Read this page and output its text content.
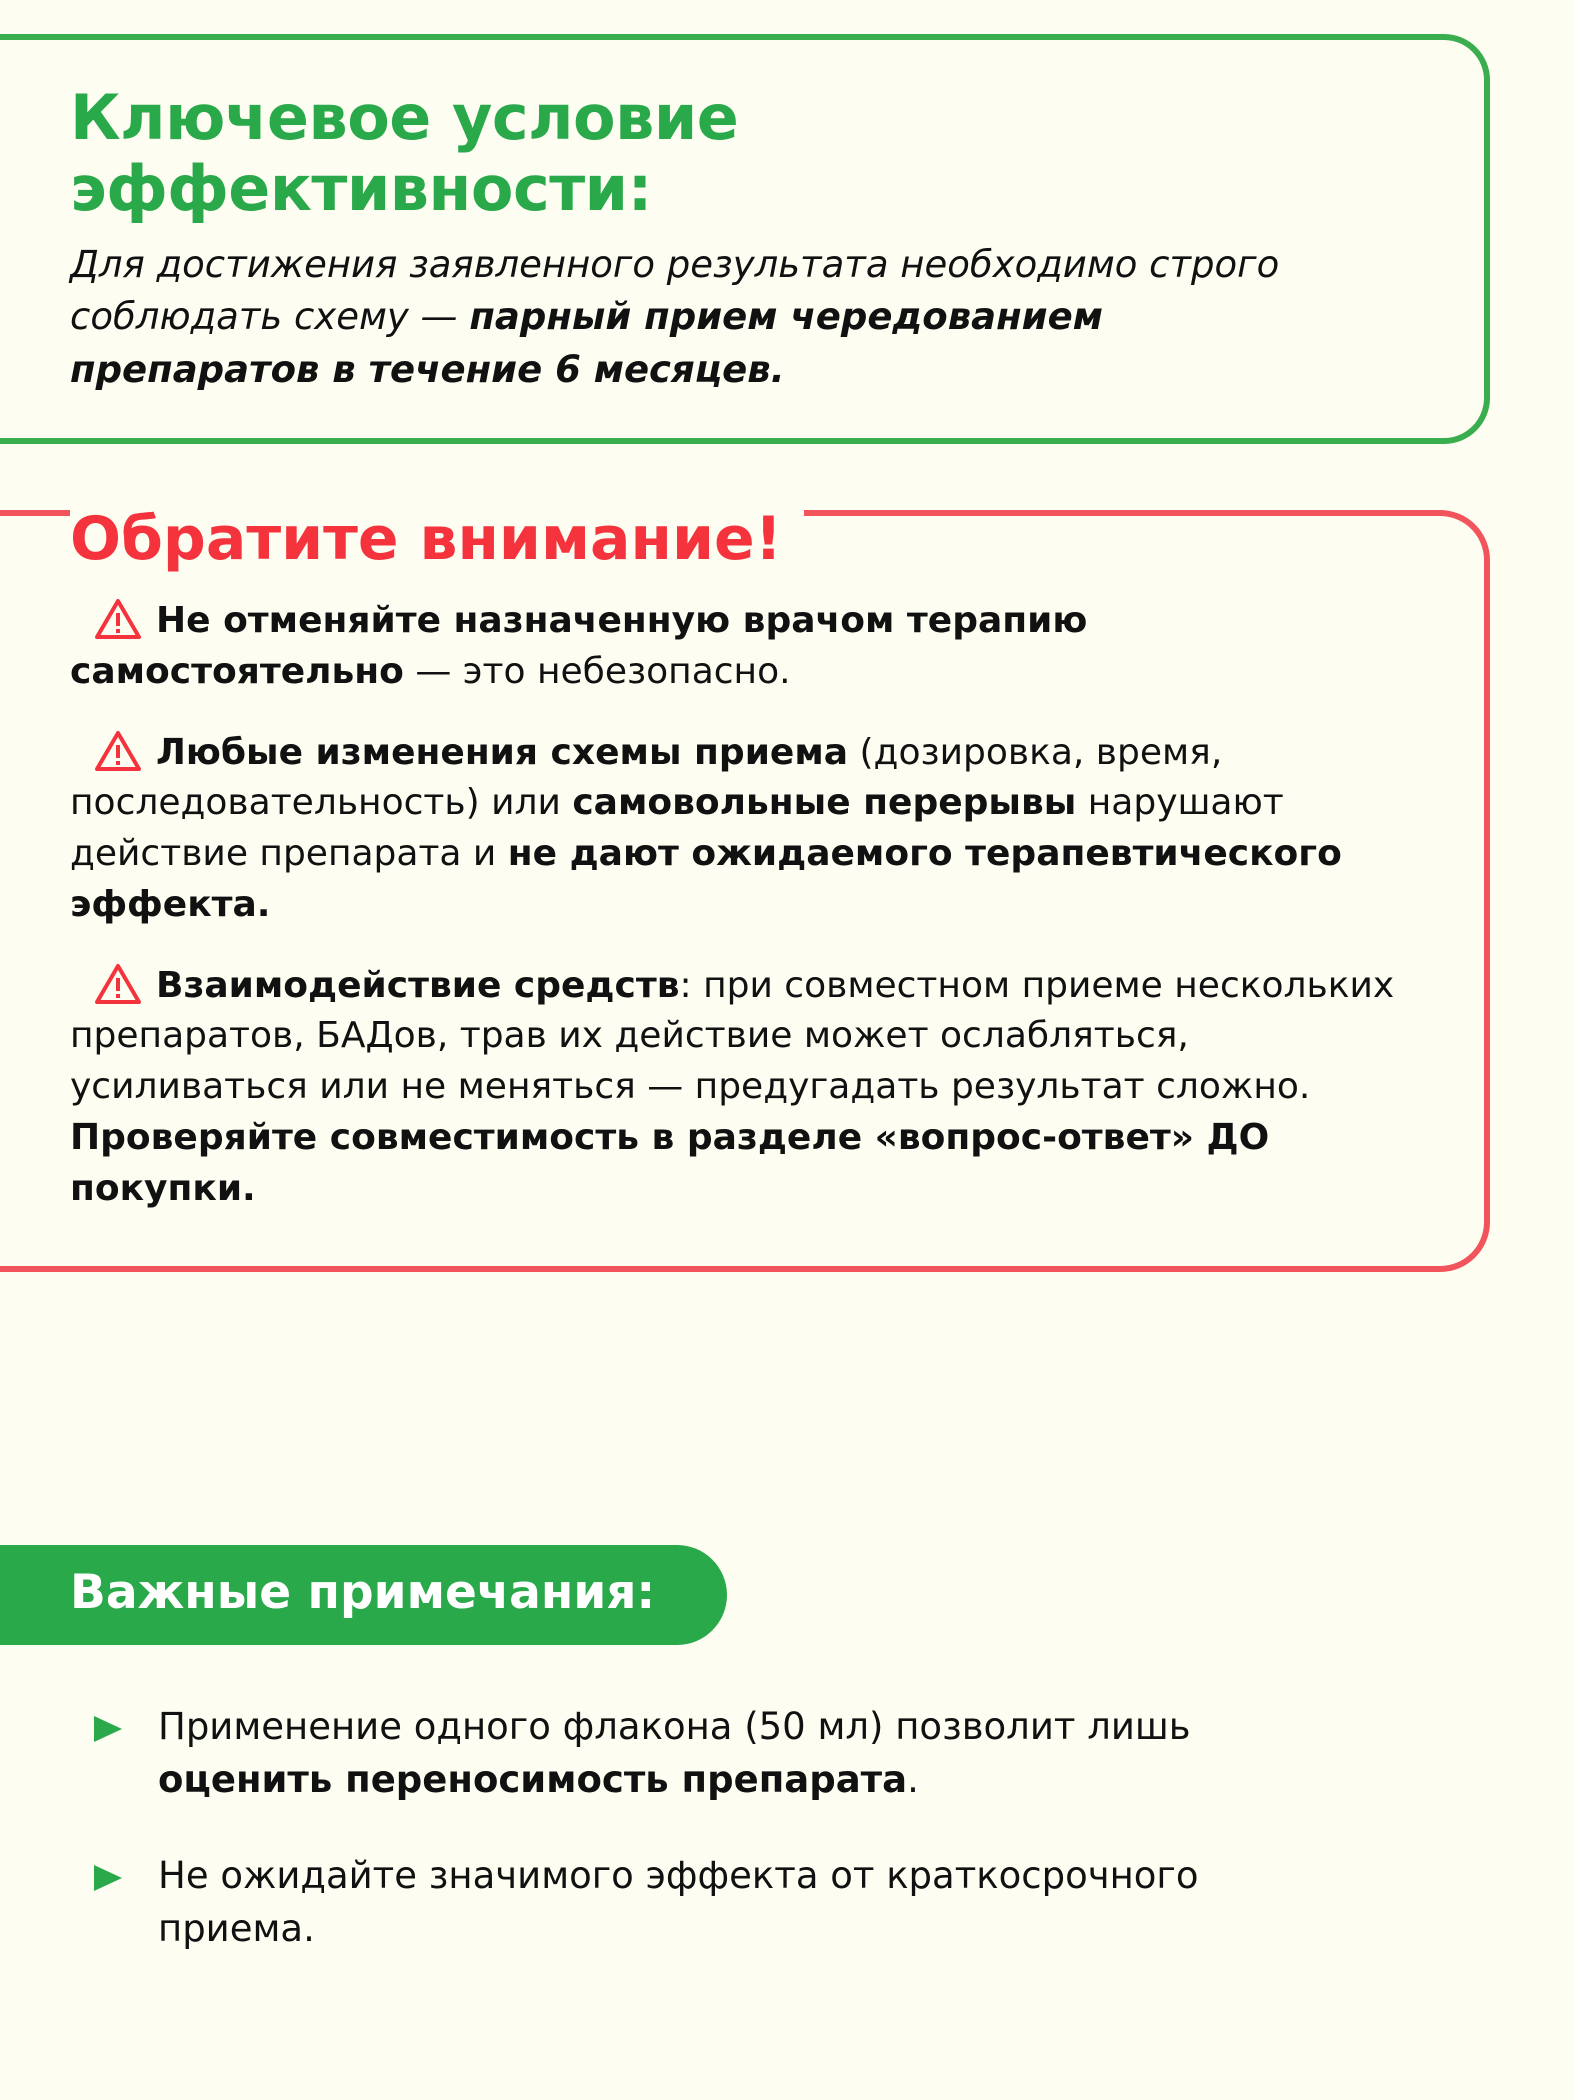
Ключевое условие
эффективности:

Для достижения заявленного результата необходимо строго соблюдать схему — парный прием чередованием препаратов в течение 6 месяцев.

Обратите внимание!

Не отменяйте назначенную врачом терапию самостоятельно — это небезопасно.

Любые изменения схемы приема (дозировка, время, последовательность) или самовольные перерывы нарушают действие препарата и не дают ожидаемого терапевтического эффекта.

Взаимодействие средств: при совместном приеме нескольких препаратов, БАДов, трав их действие может ослабляться, усиливаться или не меняться — предугадать результат сложно. Проверяйте совместимость в разделе «вопрос-ответ» ДО покупки.

Важные примечания:
Применение одного флакона (50 мл) позволит лишь оценить переносимость препарата.
Не ожидайте значимого эффекта от краткосрочного приема.
